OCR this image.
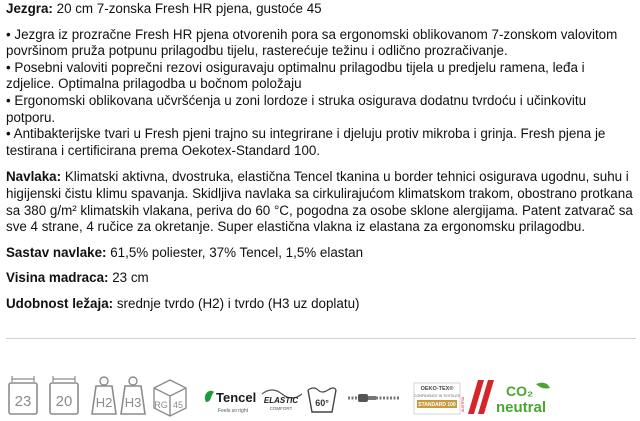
Jezgra: 20 cm 7-zonska Fresh HR pjena, gustoće 45

• Jezgra iz prozračne Fresh HR pjena otvorenih pora sa ergonomski oblikovanom 7-zonskom valovitom površinom pruža potpunu prilagodbu tijelu, rasterećuje težinu i odlično prozračivanje.

• Posebni valoviti poprečni rezovi osiguravaju optimalnu prilagodbu tijela u predjelu ramena, leđa i zdjelice. Optimalna prilagodba u bočnom položaju

• Ergonomski oblikovana učvršćenja u zoni lordoze i struka osigurava dodatnu tvrdoću i učinkovitu potporu.

• Antibakterijske tvari u Fresh pjeni trajno su integrirane i djeluju protiv mikroba i grinja. Fresh pjena je testirana i certificirana prema Oekotex-Standard 100.

Navlaka: Klimatski aktivna, dvostruka, elastična Tencel tkanina u border tehnici osigurava ugodnu, suhu i higijenski čistu klimu spavanja. Skidljiva navlaka sa cirkulirajućom klimatskom trakom, obostrano protkana sa 380 g/m² klimatskih vlakana, periva do 60 °C, pogodna za osobe sklone alergijama. Patent zatvarač sa sve 4 strane, 4 ručice za okretanje. Super elastična vlakna iz elastana za ergonomsku prilagodbu.

Sastav navlake: 61,5% poliester, 37% Tencel, 1,5% elastan

Visina madraca: 23 cm

Udobnost ležaja: srednje tvrdo (H2) i tvrdo (H3 uz doplatu)

23 20 H2 H3 RG 45	Tencel
Feels so right
ELASTIC
COMFORT
60°
OEKO-TEX®
CONFIDENCE IN TEXTILES
STANDARD 100 AUSTRIA
CO₂
neutral
